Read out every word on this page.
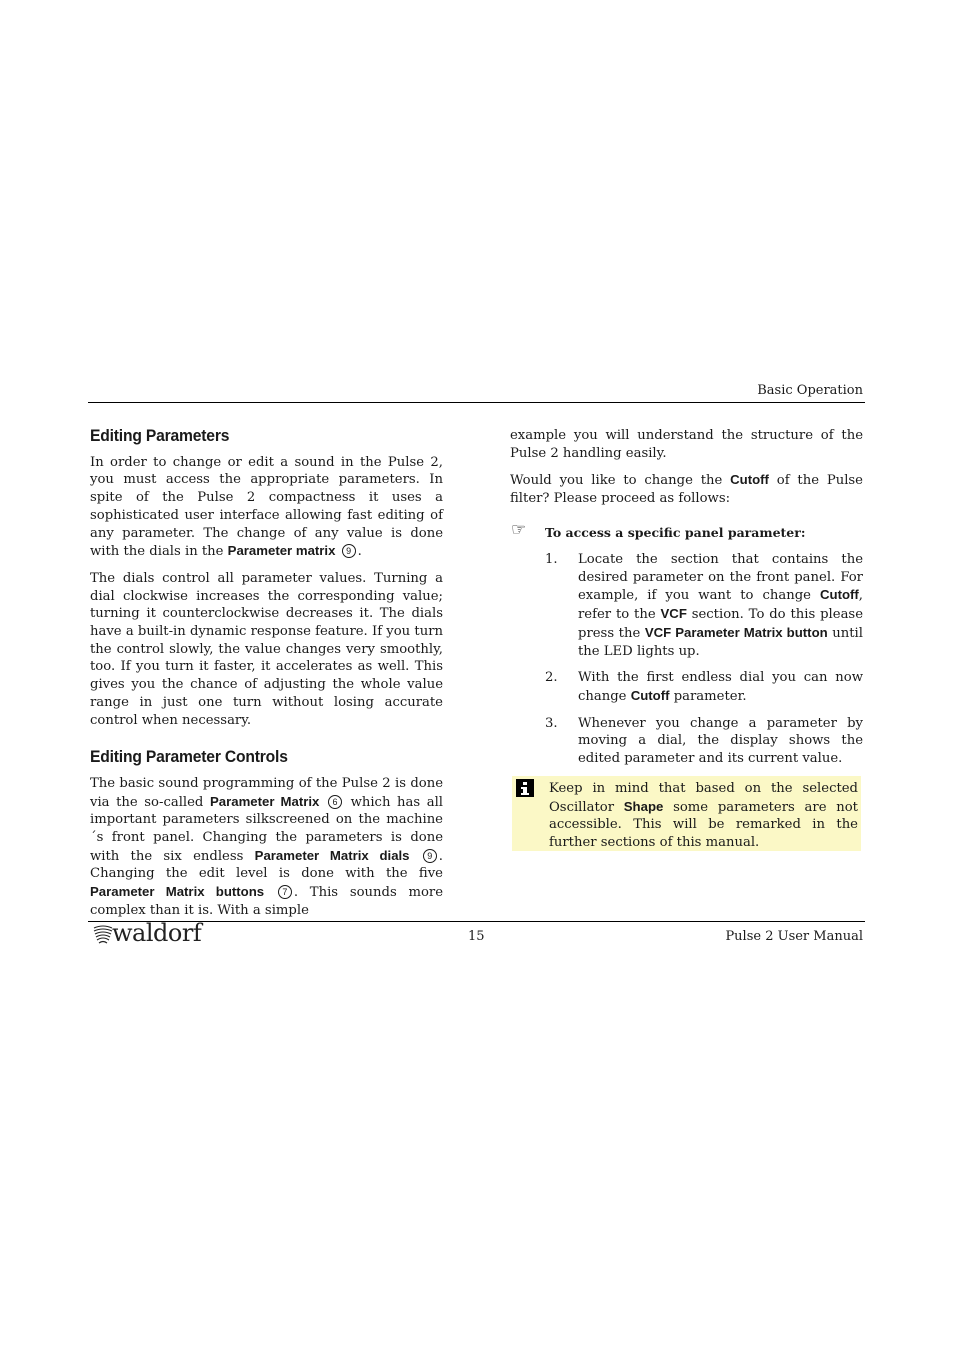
Basic Operation
Editing Parameters

In order to change or edit a sound in the Pulse 2, you must access the appropriate parameters. In spite of the Pulse 2 compactness it uses a sophisticated user interface allowing fast editing of any parameter. The change of any value is done with the dials in the Parameter matrix 9 .

The dials control all parameter values. Turning a dial clockwise increases the corresponding value; turning it counterclockwise decreases it. The dials have a built-in dynamic response feature. If you turn the control slowly, the value changes very smoothly, too. If you turn it faster, it accelerates as well. This gives you the chance of adjusting the whole value range in just one turn without losing accurate control when necessary.

Editing Parameter Controls

The basic sound programming of the Pulse 2 is done via the so-called Parameter Matrix 6 which has all important parameters silkscreened on the machine´s front panel. Changing the parameters is done with the six endless Parameter Matrix dials 9 . Changing the edit level is done with the five Parameter Matrix buttons 7 . This sounds more complex than it is. With a simple

example you will understand the structure of the Pulse 2 handling easily.

Would you like to change the Cutoff of the Pulse filter? Please proceed as follows:

☞ To access a specific panel parameter:
1. Locate the section that contains the desired parameter on the front panel. For example, if you want to change Cutoff, refer to the VCF section. To do this please press the VCF Parameter Matrix button until the LED lights up.
2. With the first endless dial you can now change Cutoff parameter.
3. Whenever you change a parameter by moving a dial, the display shows the edited parameter and its current value.
Keep in mind that based on the selected Oscillator Shape some parameters are not accessible. This will be remarked in the further sections of this manual.
waldorf	15	Pulse 2 User Manual
